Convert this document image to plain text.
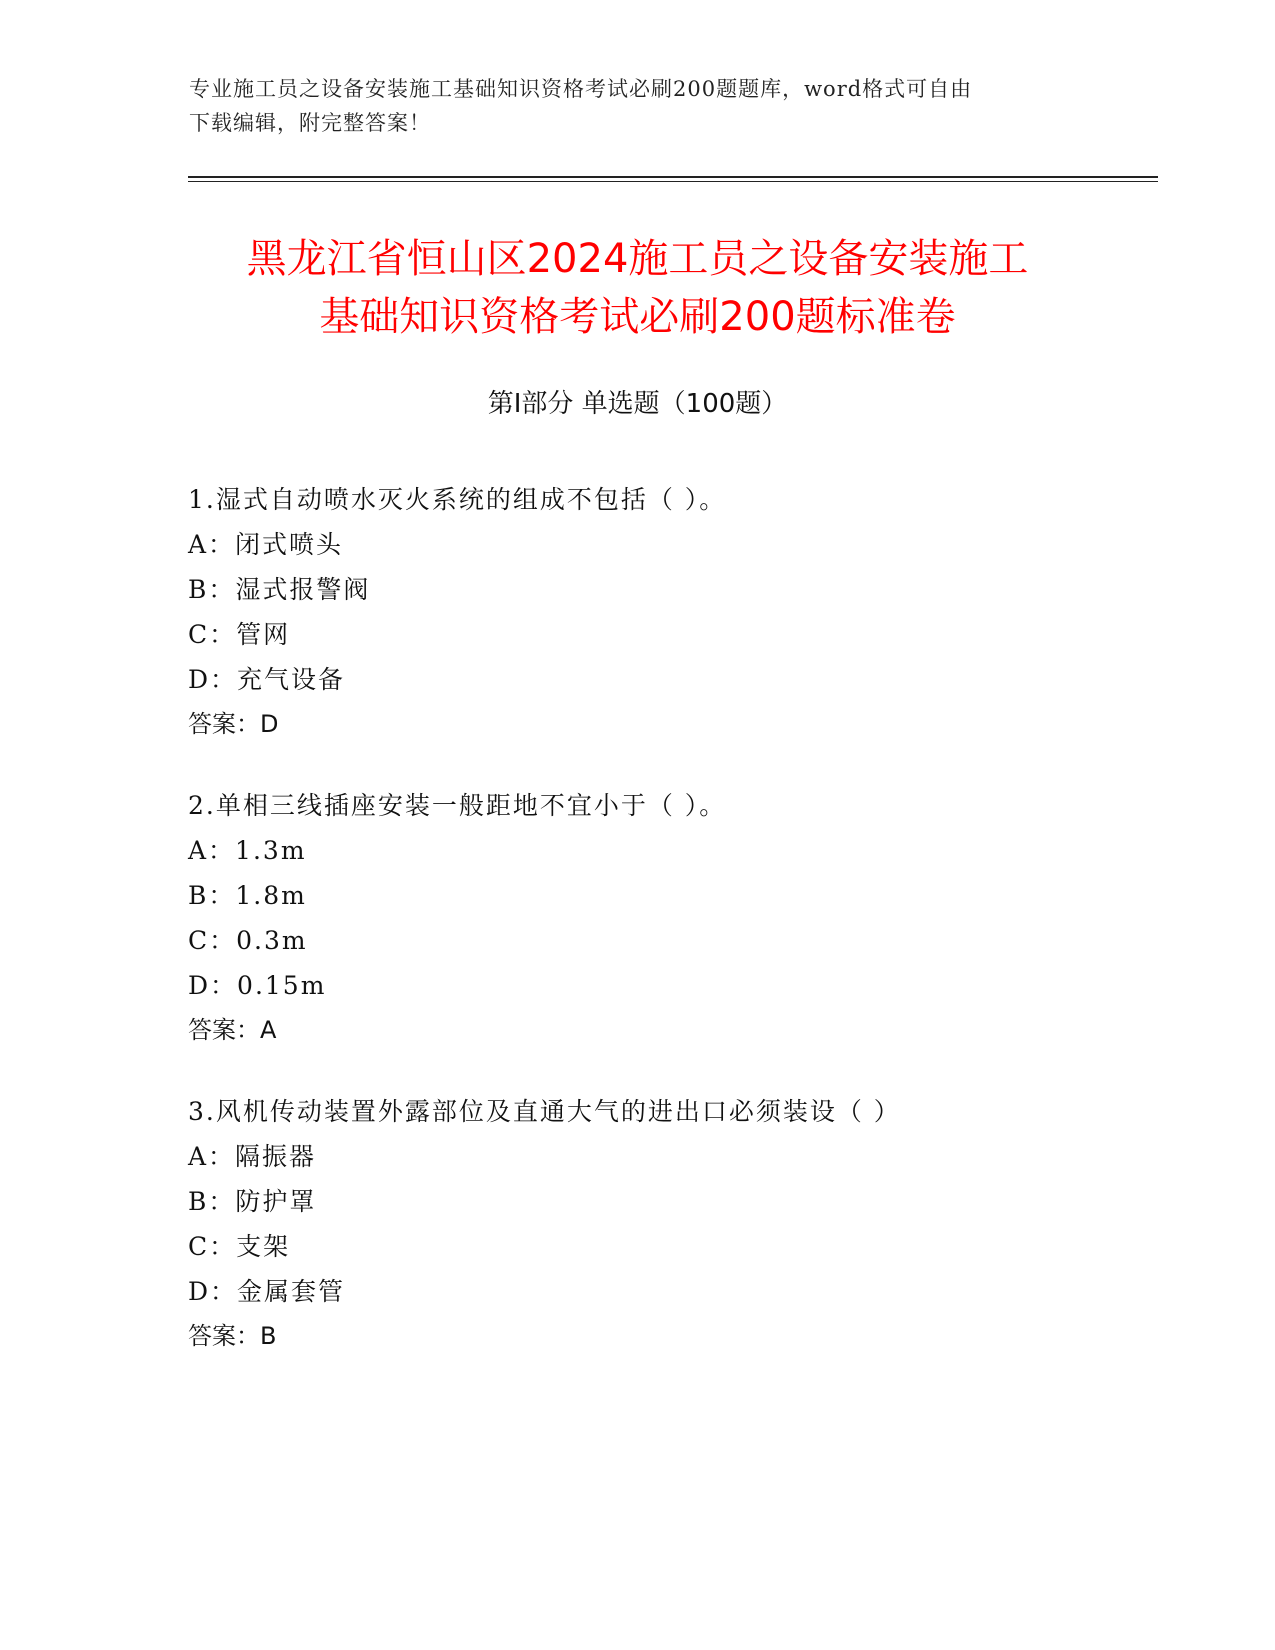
专业施工员之设备安装施工基础知识资格考试必刷200题题库，word格式可自由
下载编辑，附完整答案！
黑龙江省恒山区2024施工员之设备安装施工
基础知识资格考试必刷200题标准卷
第Ⅰ部分 单选题（100题）
1.湿式自动喷水灭火系统的组成不包括（ ）。
A：闭式喷头
B：湿式报警阀
C：管网
D：充气设备
答案：D
2.单相三线插座安装一般距地不宜小于（ ）。
A：1.3m
B：1.8m
C：0.3m
D：0.15m
答案：A
3.风机传动装置外露部位及直通大气的进出口必须装设（ ）
A：隔振器
B：防护罩
C：支架
D：金属套管
答案：B
